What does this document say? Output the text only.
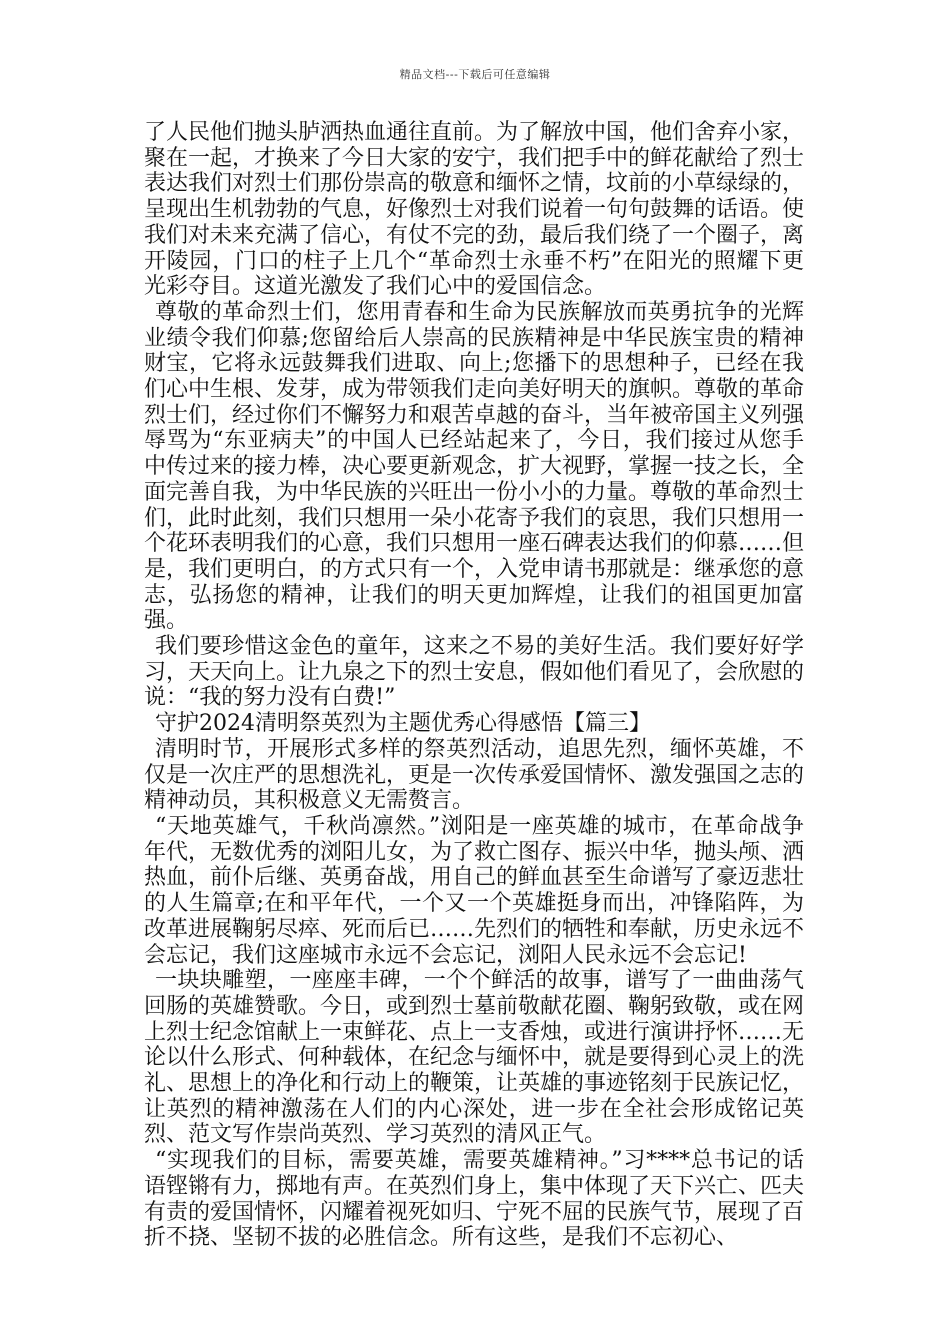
精品文档---下载后可任意编辑

了人民他们抛头胪洒热血通往直前。为了解放中国，他们舍弃小家，聚在一起，才换来了今日大家的安宁，我们把手中的鲜花献给了烈士表达我们对烈士们那份崇高的敬意和缅怀之情，坟前的小草绿绿的，呈现出生机勃勃的气息，好像烈士对我们说着一句句鼓舞的话语。使我们对未来充满了信心，有仗不完的劲，最后我们绕了一个圈子，离开陵园，门口的柱子上几个“革命烈士永垂不朽”在阳光的照耀下更光彩夺目。这道光激发了我们心中的爱国信念。

尊敬的革命烈士们，您用青春和生命为民族解放而英勇抗争的光辉业绩令我们仰慕;您留给后人崇高的民族精神是中华民族宝贵的精神财宝，它将永远鼓舞我们进取、向上;您播下的思想种子，已经在我们心中生根、发芽，成为带领我们走向美好明天的旗帜。尊敬的革命烈士们，经过你们不懈努力和艰苦卓越的奋斗，当年被帝国主义列强辱骂为“东亚病夫”的中国人已经站起来了，今日，我们接过从您手中传过来的接力棒，决心要更新观念，扩大视野，掌握一技之长，全面完善自我，为中华民族的兴旺出一份小小的力量。尊敬的革命烈士们，此时此刻，我们只想用一朵小花寄予我们的哀思，我们只想用一个花环表明我们的心意，我们只想用一座石碑表达我们的仰慕……但是，我们更明白，的方式只有一个，入党申请书那就是：继承您的意志，弘扬您的精神，让我们的明天更加辉煌，让我们的祖国更加富强。

我们要珍惜这金色的童年，这来之不易的美好生活。我们要好好学习，天天向上。让九泉之下的烈士安息，假如他们看见了，会欣慰的说：“我的努力没有白费!”

守护2024清明祭英烈为主题优秀心得感悟【篇三】

清明时节，开展形式多样的祭英烈活动，追思先烈，缅怀英雄，不仅是一次庄严的思想洗礼，更是一次传承爱国情怀、激发强国之志的精神动员，其积极意义无需赘言。

“天地英雄气，千秋尚凛然。”浏阳是一座英雄的城市，在革命战争年代，无数优秀的浏阳儿女，为了救亡图存、振兴中华，抛头颅、洒热血，前仆后继、英勇奋战，用自己的鲜血甚至生命谱写了豪迈悲壮的人生篇章;在和平年代，一个又一个英雄挺身而出，冲锋陷阵，为改革进展鞠躬尽瘁、死而后已……先烈们的牺牲和奉献，历史永远不会忘记，我们这座城市永远不会忘记，浏阳人民永远不会忘记!

一块块雕塑，一座座丰碑，一个个鲜活的故事，谱写了一曲曲荡气回肠的英雄赞歌。今日，或到烈士墓前敬献花圈、鞠躬致敬，或在网上烈士纪念馆献上一束鲜花、点上一支香烛，或进行演讲抒怀……无论以什么形式、何种载体，在纪念与缅怀中，就是要得到心灵上的洗礼、思想上的净化和行动上的鞭策，让英雄的事迹铭刻于民族记忆，让英烈的精神激荡在人们的内心深处，进一步在全社会形成铭记英烈、范文写作崇尚英烈、学习英烈的清风正气。

“实现我们的目标，需要英雄，需要英雄精神。”习****总书记的话语铿锵有力，掷地有声。在英烈们身上，集中体现了天下兴亡、匹夫有责的爱国情怀，闪耀着视死如归、宁死不屈的民族气节，展现了百折不挠、坚韧不拔的必胜信念。所有这些，是我们不忘初心、
